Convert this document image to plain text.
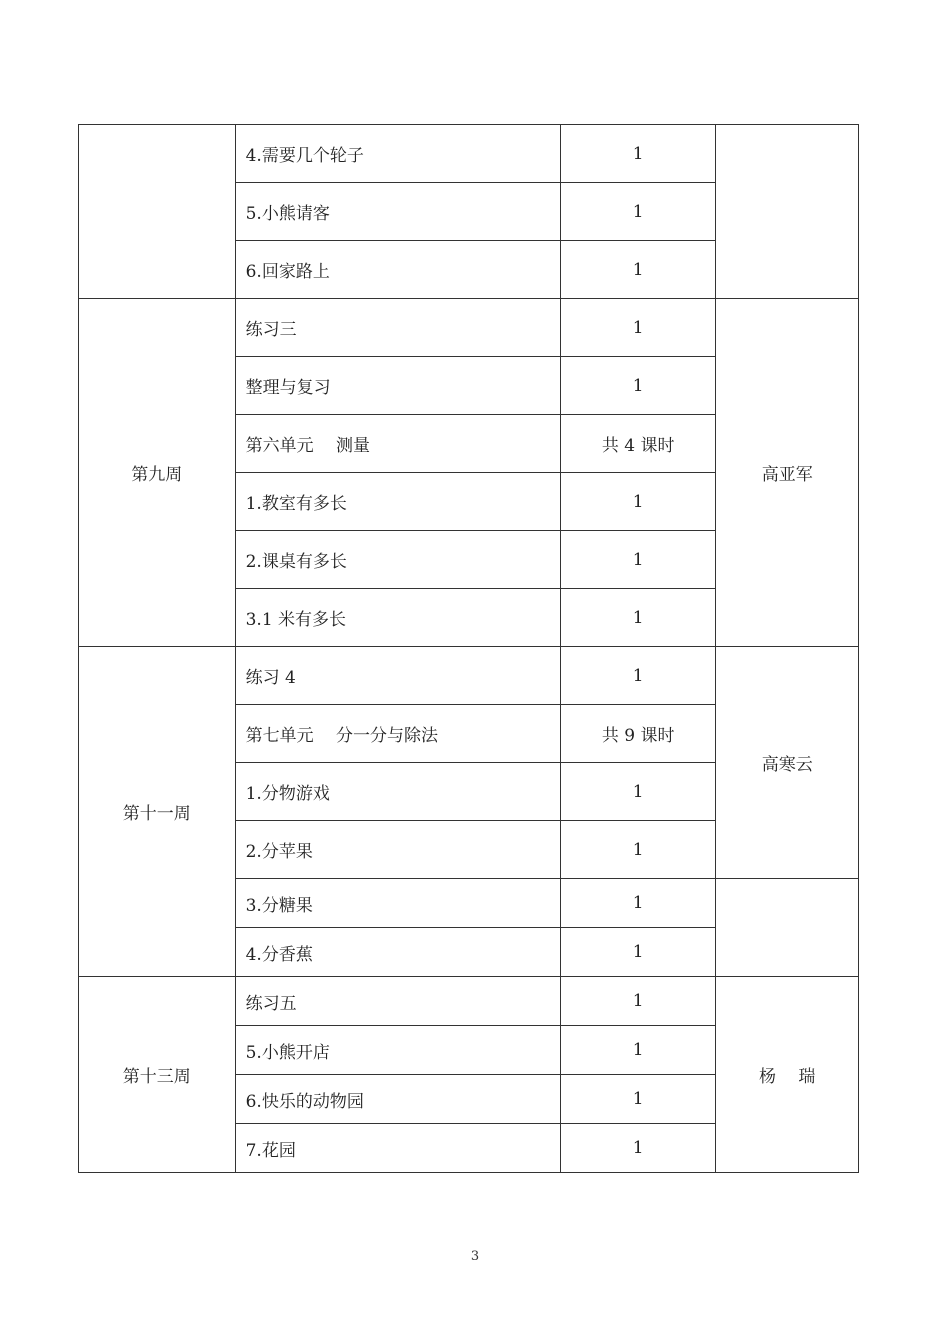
	4.需要几个轮子	1	
	5.小熊请客	1	
	6.回家路上	1	
第九周	练习三	1	高亚军
	整理与复习	1	
	第六单元　 测量	共 4 课时	
	1.教室有多长	1	
	2.课桌有多长	1	
	3.1 米有多长	1	
第十一周	练习 4	1	高寒云
	第七单元　 分一分与除法	共 9 课时	
	1.分物游戏	1	
	2.分苹果	1	
	3.分糖果	1	
	4.分香蕉	1	
第十三周	练习五	1	杨　 瑞
	5.小熊开店	1	
	6.快乐的动物园	1	
	7.花园	1	
3
